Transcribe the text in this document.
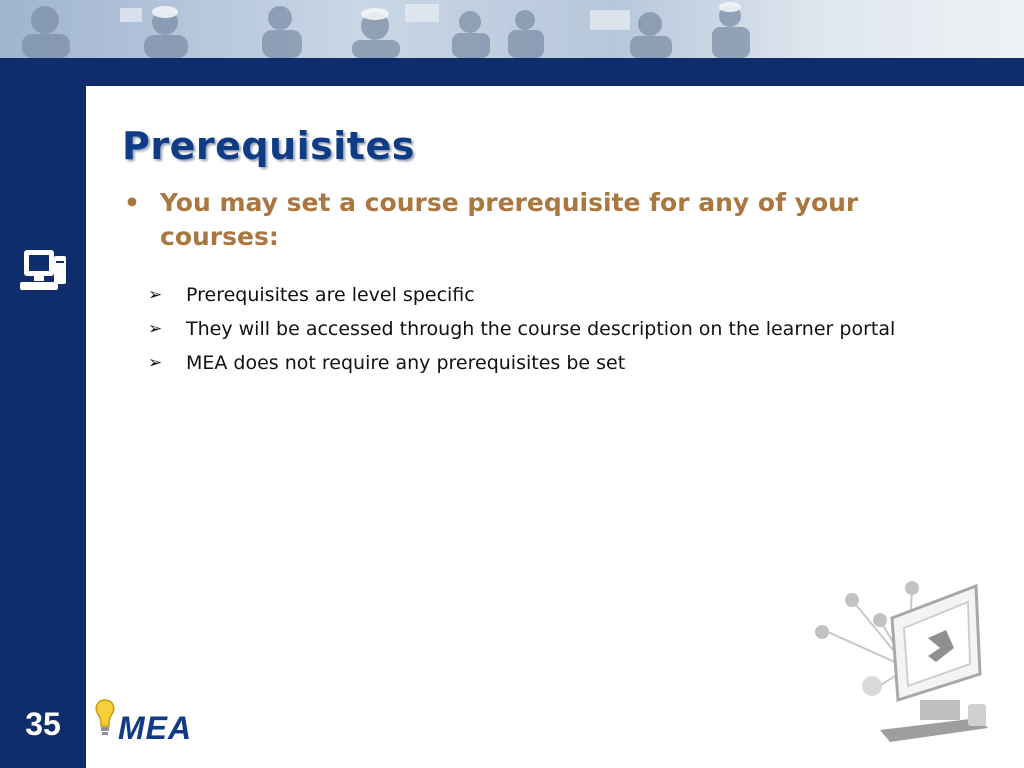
Prerequisites
• You may set a course prerequisite for any of your courses:
➢ Prerequisites are level specific
➢ They will be accessed through the course description on the learner portal
➢ MEA does not require any prerequisites be set
35	MEA
